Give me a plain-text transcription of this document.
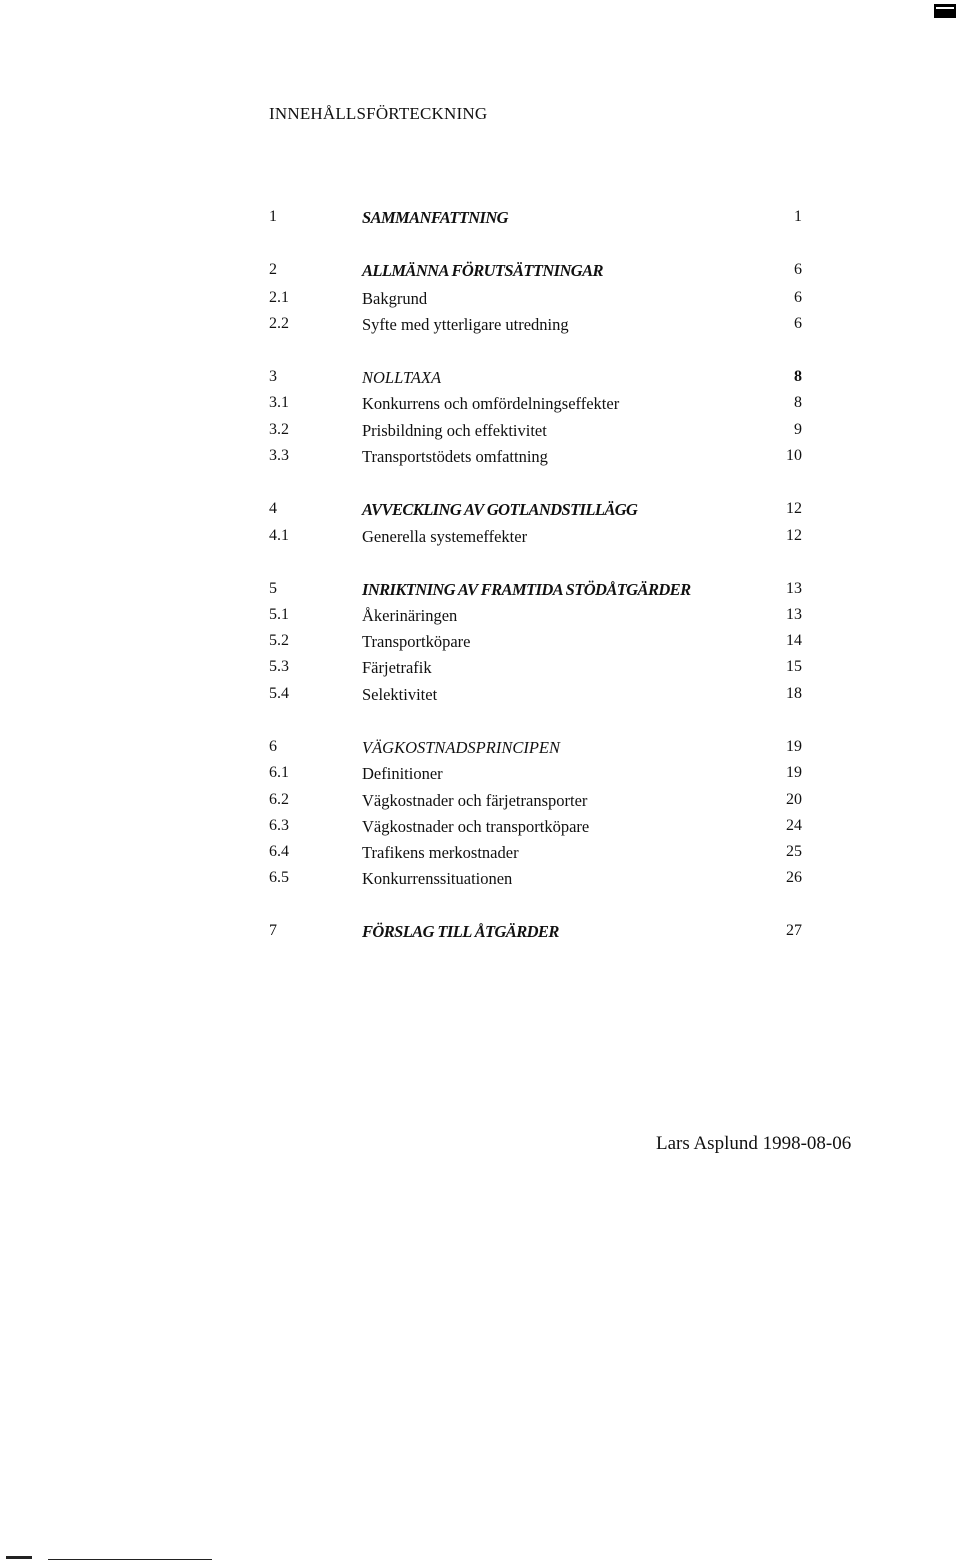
INNEHÅLLSFÖRTECKNING
1	SAMMANFATTNING	1
2	ALLMÄNNA FÖRUTSÄTTNINGAR	6
2.1	Bakgrund	6
2.2	Syfte med ytterligare utredning	6
3	NOLLTAXA	8
3.1	Konkurrens och omfördelningseffekter	8
3.2	Prisbildning och effektivitet	9
3.3	Transportstödets omfattning	10
4	AVVECKLING AV GOTLANDSTILLÄGG	12
4.1	Generella systemeffekter	12
5	INRIKTNING AV FRAMTIDA STÖDÅTGÄRDER	13
5.1	Åkerinäringen	13
5.2	Transportköpare	14
5.3	Färjetrafik	15
5.4	Selektivitet	18
6	VÄGKOSTNADSPRINCIPEN	19
6.1	Definitioner	19
6.2	Vägkostnader och färjetransporter	20
6.3	Vägkostnader och transportköpare	24
6.4	Trafikens merkostnader	25
6.5	Konkurrenssituationen	26
7	FÖRSLAG TILL ÅTGÄRDER	27
Lars Asplund 1998-08-06
